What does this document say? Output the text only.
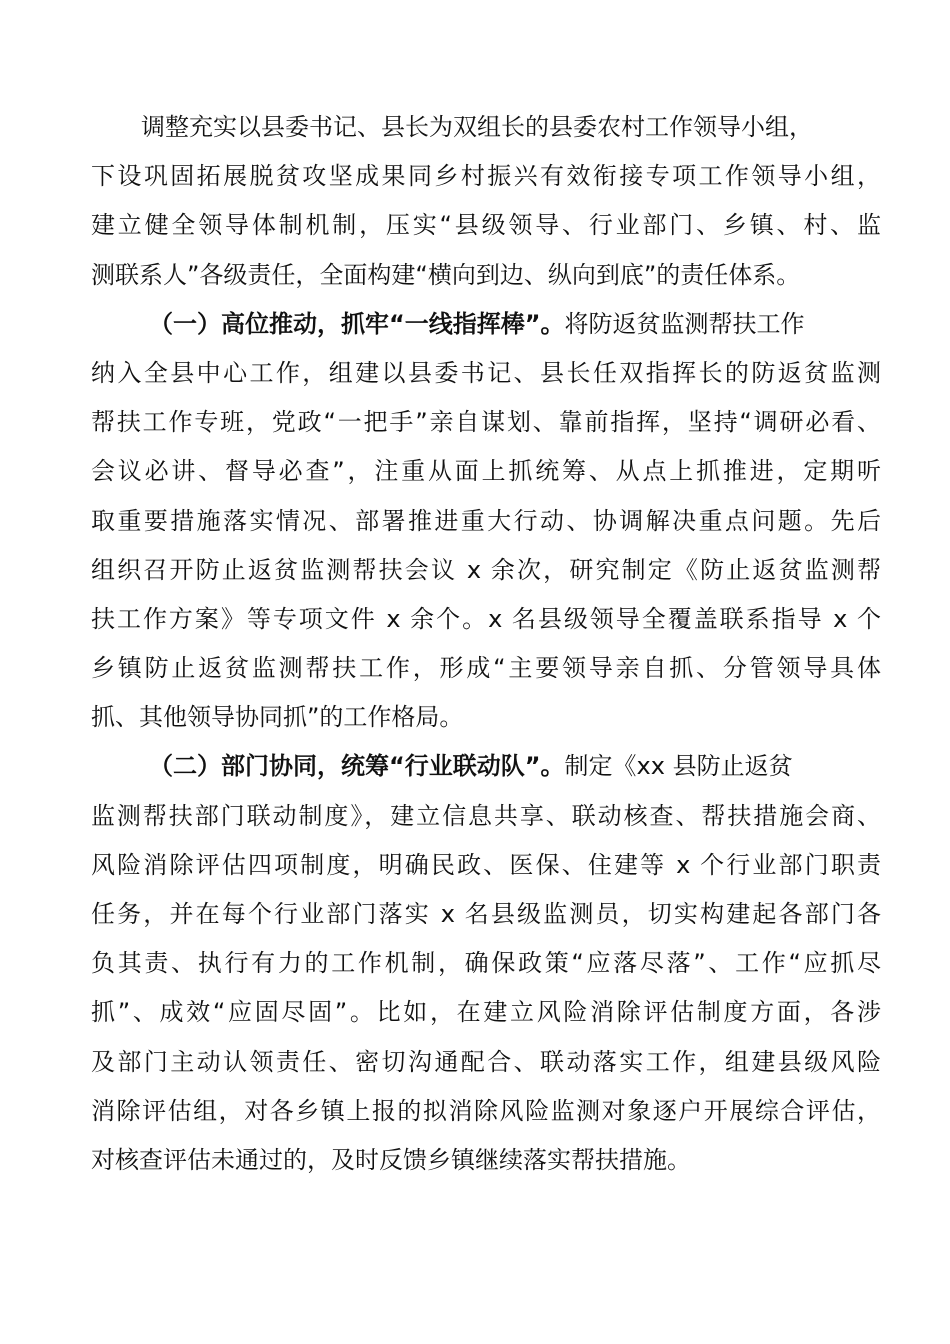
调整充实以县委书记、县长为双组长的县委农村工作领导小组，
下设巩固拓展脱贫攻坚成果同乡村振兴有效衔接专项工作领导小组，
建立健全领导体制机制，压实“县级领导、行业部门、乡镇、村、监
测联系人”各级责任，全面构建“横向到边、纵向到底”的责任体系。
（一）高位推动，抓牢“一线指挥棒”。将防返贫监测帮扶工作
纳入全县中心工作，组建以县委书记、县长任双指挥长的防返贫监测
帮扶工作专班，党政“一把手”亲自谋划、靠前指挥，坚持“调研必看、
会议必讲、督导必查”，注重从面上抓统筹、从点上抓推进，定期听
取重要措施落实情况、部署推进重大行动、协调解决重点问题。先后
组织召开防止返贫监测帮扶会议 x 余次，研究制定《防止返贫监测帮
扶工作方案》等专项文件 x 余个。x 名县级领导全覆盖联系指导 x 个
乡镇防止返贫监测帮扶工作，形成“主要领导亲自抓、分管领导具体
抓、其他领导协同抓”的工作格局。
（二）部门协同，统筹“行业联动队”。制定《xx 县防止返贫
监测帮扶部门联动制度》，建立信息共享、联动核查、帮扶措施会商、
风险消除评估四项制度，明确民政、医保、住建等 x 个行业部门职责
任务，并在每个行业部门落实 x 名县级监测员，切实构建起各部门各
负其责、执行有力的工作机制，确保政策“应落尽落”、工作“应抓尽
抓”、成效“应固尽固”。比如，在建立风险消除评估制度方面，各涉
及部门主动认领责任、密切沟通配合、联动落实工作，组建县级风险
消除评估组，对各乡镇上报的拟消除风险监测对象逐户开展综合评估，
对核查评估未通过的，及时反馈乡镇继续落实帮扶措施。
